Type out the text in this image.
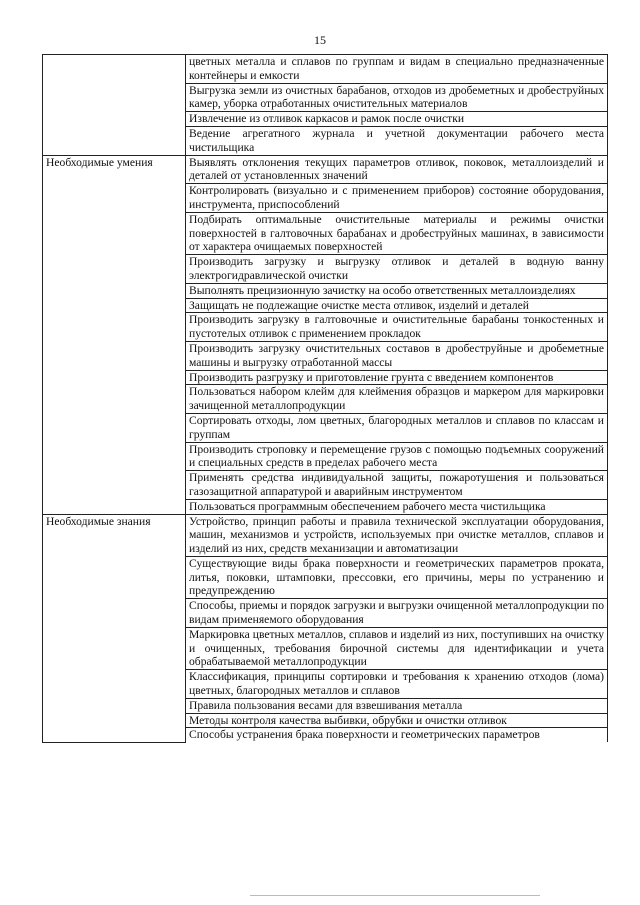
15
	цветных металла и сплавов по группам и видам в специально предназначенные контейнеры и емкости
	Выгрузка земли из очистных барабанов, отходов из дробеметных и дробеструйных камер, уборка отработанных очистительных материалов
	Извлечение из отливок каркасов и рамок после очистки
	Ведение агрегатного журнала и учетной документации рабочего места чистильщика
Необходимые умения	Выявлять отклонения текущих параметров отливок, поковок, металлоизделий и деталей от установленных значений
	Контролировать (визуально и с применением приборов) состояние оборудования, инструмента, приспособлений
	Подбирать оптимальные очистительные материалы и режимы очистки поверхностей в галтовочных барабанах и дробеструйных машинах, в зависимости от характера очищаемых поверхностей
	Производить загрузку и выгрузку отливок и деталей в водную ванну электрогидравлической очистки
	Выполнять прецизионную зачистку на особо ответственных металлоизделиях
	Защищать не подлежащие очистке места отливок, изделий и деталей
	Производить загрузку в галтовочные и очистительные барабаны тонкостенных и пустотелых отливок с применением прокладок
	Производить загрузку очистительных составов в дробеструйные и дробеметные машины и выгрузку отработанной массы
	Производить разгрузку и приготовление грунта с введением компонентов
	Пользоваться набором клейм для клеймения образцов и маркером для маркировки зачищенной металлопродукции
	Сортировать отходы, лом цветных, благородных металлов и сплавов по классам и группам
	Производить строповку и перемещение грузов с помощью подъемных сооружений и специальных средств в пределах рабочего места
	Применять средства индивидуальной защиты, пожаротушения и пользоваться газозащитной аппаратурой и аварийным инструментом
	Пользоваться программным обеспечением рабочего места чистильщика
Необходимые знания	Устройство, принцип работы и правила технической эксплуатации оборудования, машин, механизмов и устройств, используемых при очистке металлов, сплавов и изделий из них, средств механизации и автоматизации
	Существующие виды брака поверхности и геометрических параметров проката, литья, поковки, штамповки, прессовки, его причины, меры по устранению и предупреждению
	Способы, приемы и порядок загрузки и выгрузки очищенной металлопродукции по видам применяемого оборудования
	Маркировка цветных металлов, сплавов и изделий из них, поступивших на очистку и очищенных, требования бирочной системы для идентификации и учета обрабатываемой металлопродукции
	Классификация, принципы сортировки и требования к хранению отходов (лома) цветных, благородных металлов и сплавов
	Правила пользования весами для взвешивания металла
	Методы контроля качества выбивки, обрубки и очистки отливок
	Способы устранения брака поверхности и геометрических параметров
